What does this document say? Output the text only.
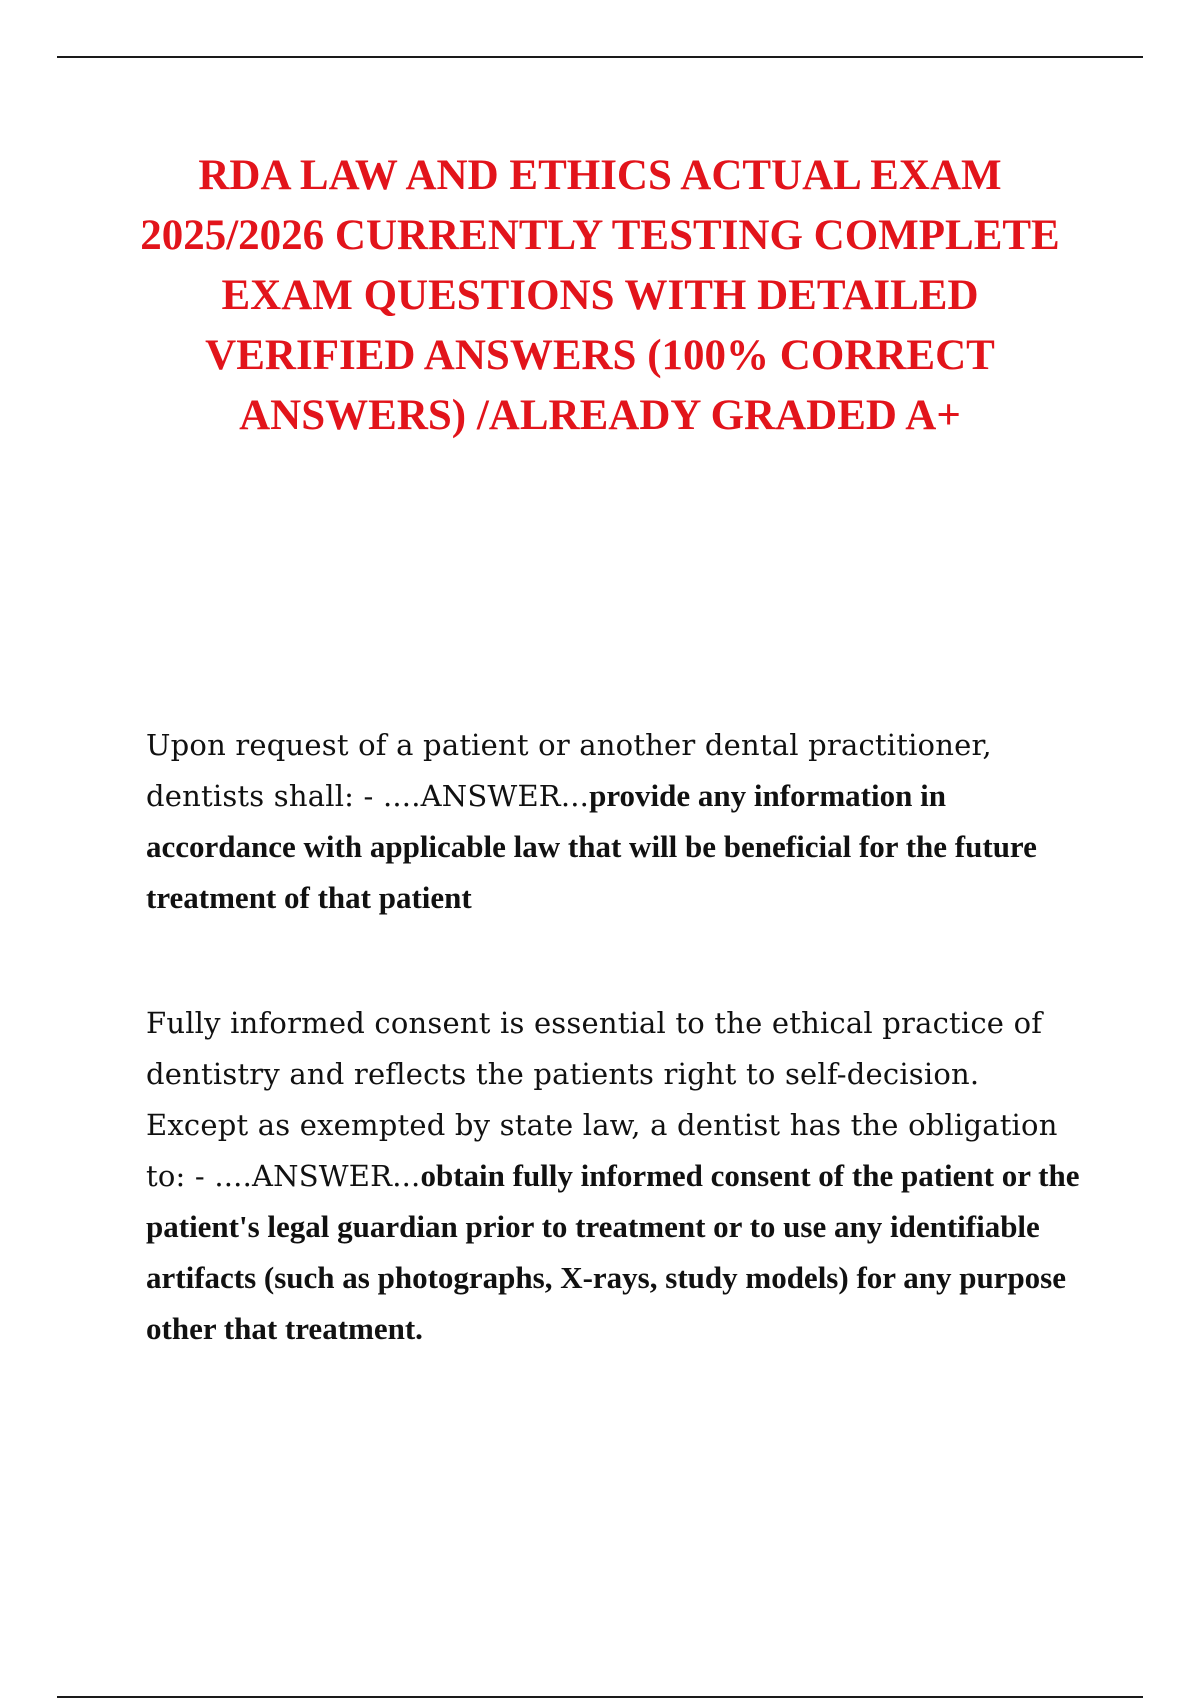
RDA LAW AND ETHICS ACTUAL EXAM 2025/2026 CURRENTLY TESTING COMPLETE EXAM QUESTIONS WITH DETAILED VERIFIED ANSWERS (100% CORRECT ANSWERS) /ALREADY GRADED A+

Upon request of a patient or another dental practitioner, dentists shall: - ....ANSWER...provide any information in accordance with applicable law that will be beneficial for the future treatment of that patient

Fully informed consent is essential to the ethical practice of dentistry and reflects the patients right to self-decision. Except as exempted by state law, a dentist has the obligation to: - ....ANSWER...obtain fully informed consent of the patient or the patient's legal guardian prior to treatment or to use any identifiable artifacts (such as photographs, X-rays, study models) for any purpose other that treatment.
